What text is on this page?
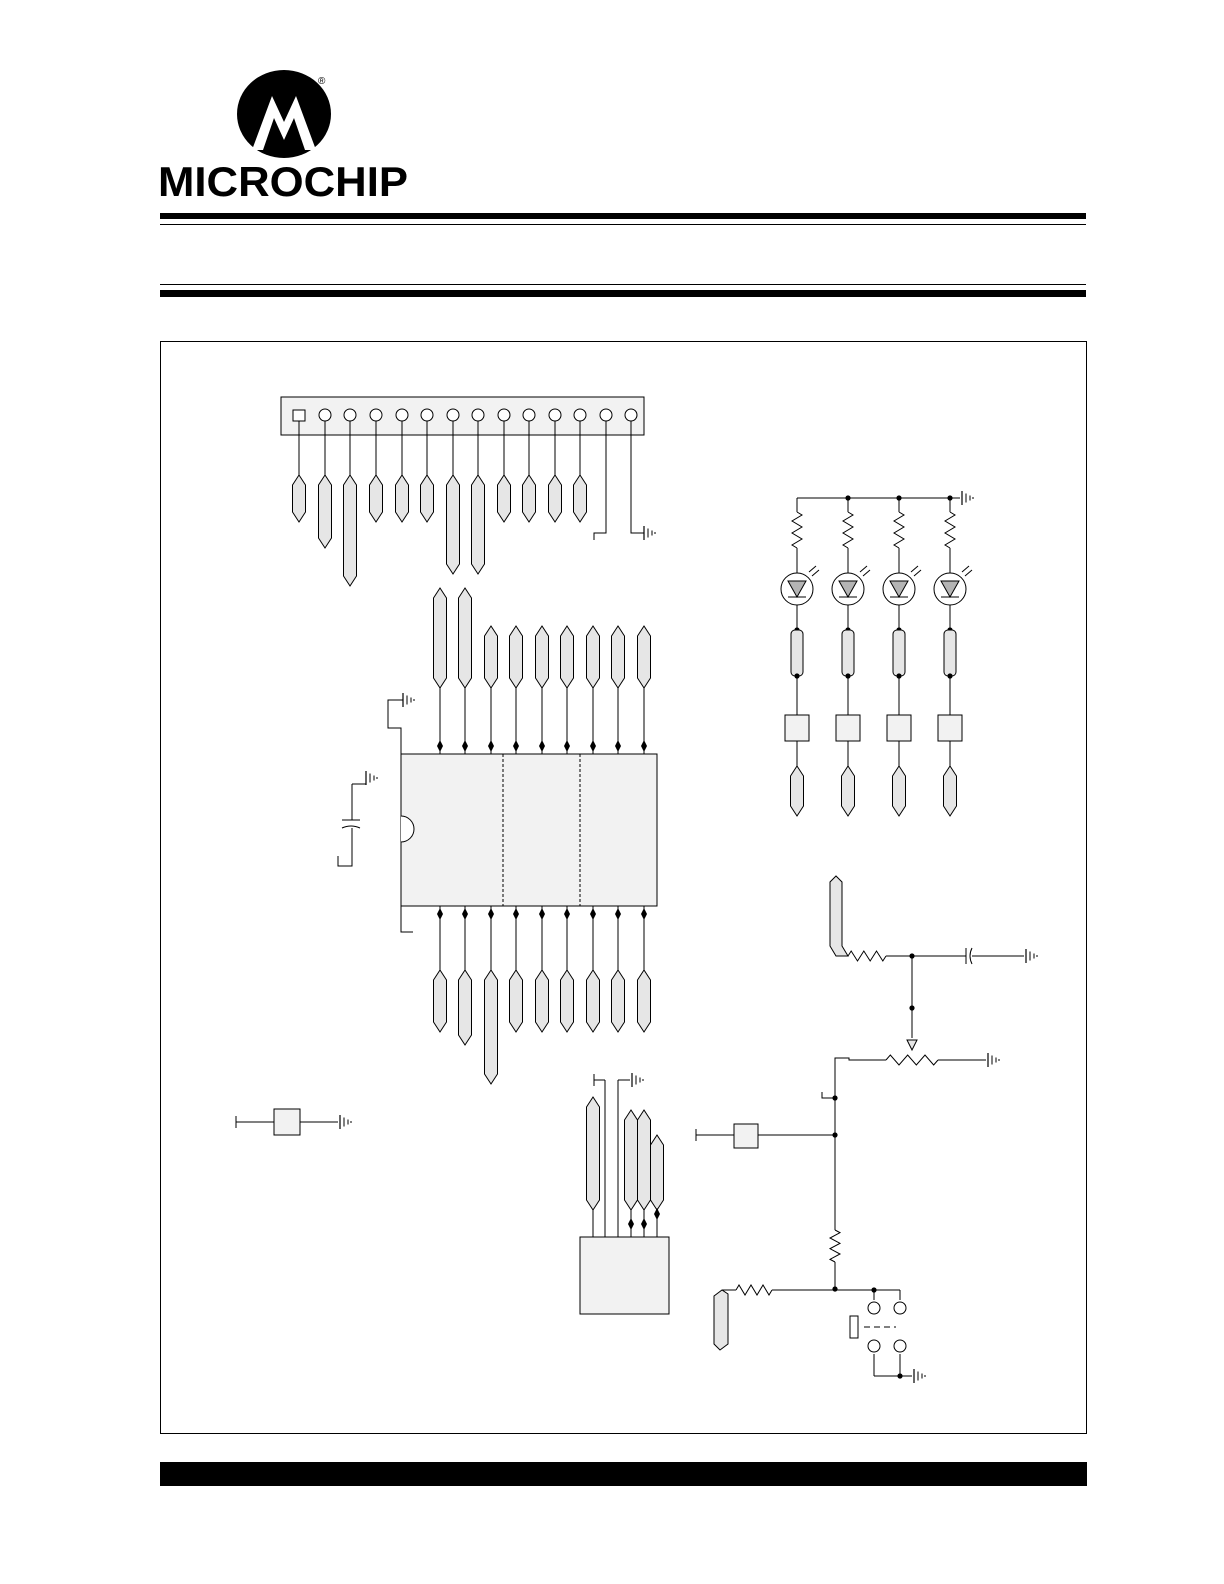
®
MICROCHIP
